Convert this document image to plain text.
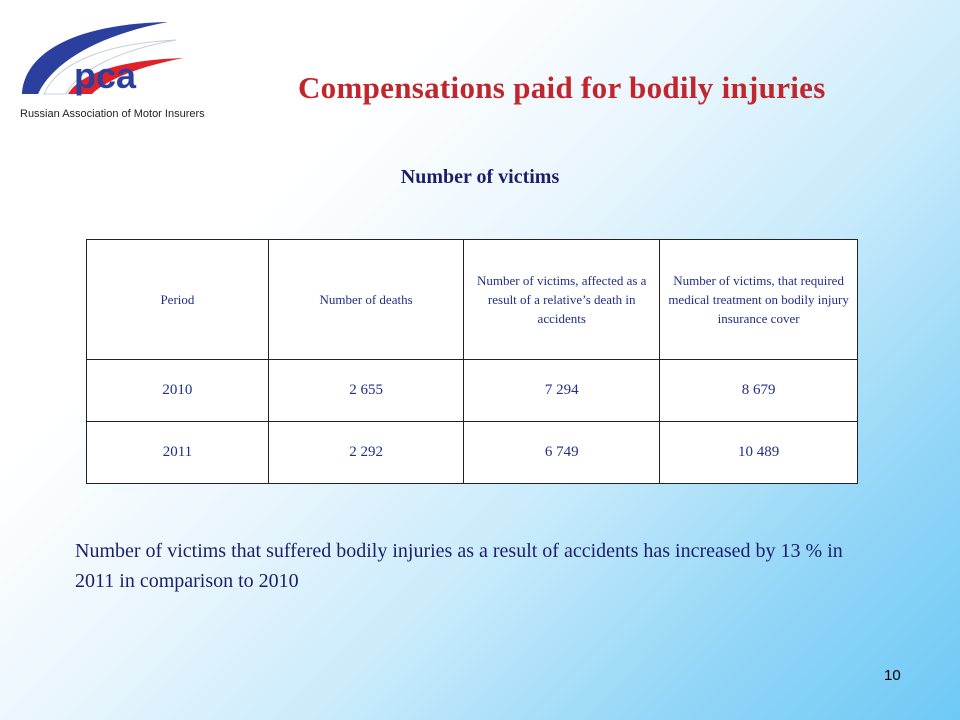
pca
Russian Association of Motor Insurers
Compensations paid for bodily injuries
Number of victims
Period	Number of deaths	Number of victims, affected as a result of a relative’s death in accidents	Number of victims, that required medical treatment on bodily injury insurance cover
2010	2 655	7 294	8 679
2011	2 292	6 749	10 489

Number of victims that suffered bodily injuries as a result of accidents has increased by 13 % in 2011 in comparison to 2010

10
